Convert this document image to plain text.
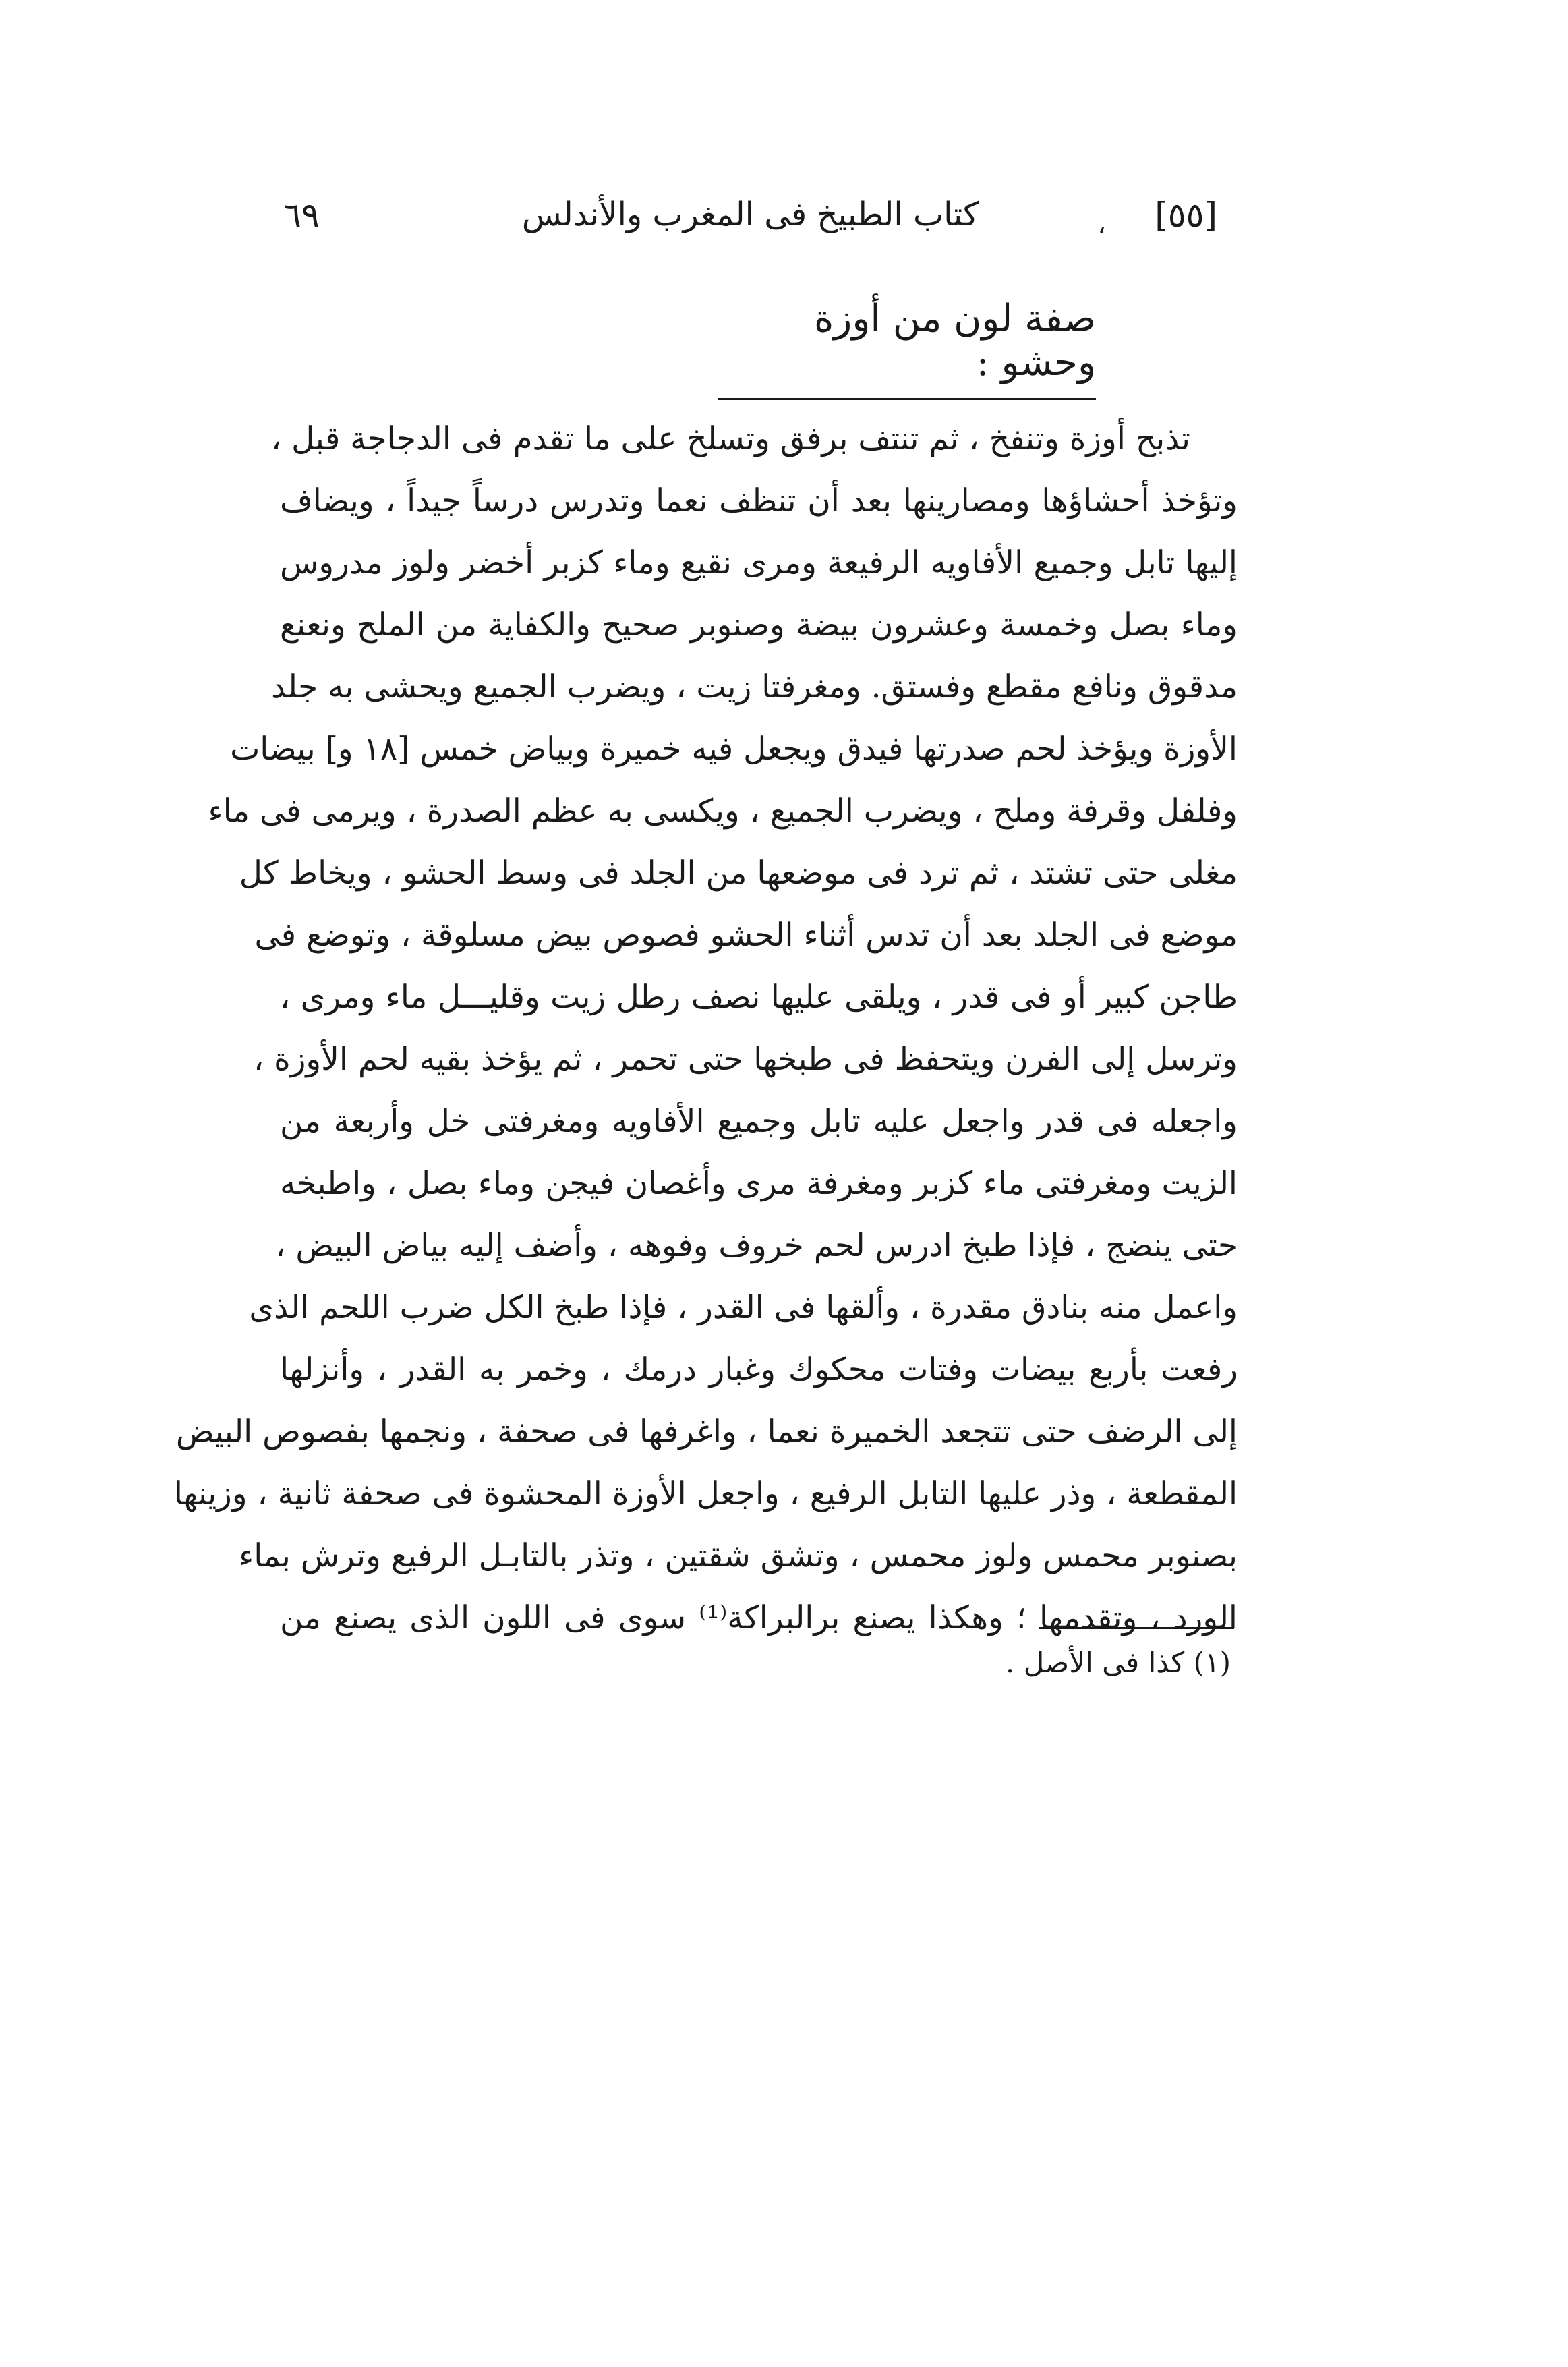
[٥٥]
،
كتاب الطبيخ فى المغرب والأندلس
٦٩
صفة لون من أوزة وحشو :
تذبح أوزة وتنفخ ، ثم تنتف برفق وتسلخ على ما تقدم فى الدجاجة قبل ،
وتؤخذ أحشاؤها ومصارينها بعد أن تنظف نعما وتدرس درساً جيداً ، ويضاف
إليها تابل وجميع الأفاويه الرفيعة ومرى نقيع وماء كزبر أخضر ولوز مدروس
وماء بصل وخمسة وعشرون بيضة وصنوبر صحيح والكفاية من الملح ونعنع
مدقوق ونافع مقطع وفستق. ومغرفتا زيت ، ويضرب الجميع ويحشى به جلد
الأوزة ويؤخذ لحم صدرتها فيدق ويجعل فيه خميرة وبياض خمس [١٨ و] بيضات
وفلفل وقرفة وملح ، ويضرب الجميع ، ويكسى به عظم الصدرة ، ويرمى فى ماء
مغلى حتى تشتد ، ثم ترد فى موضعها من الجلد فى وسط الحشو ، ويخاط كل
موضع فى الجلد بعد أن تدس أثناء الحشو فصوص بيض مسلوقة ، وتوضع فى
طاجن كبير أو فى قدر ، ويلقى عليها نصف رطل زيت وقليـــل ماء ومرى ،
وترسل إلى الفرن ويتحفظ فى طبخها حتى تحمر ، ثم يؤخذ بقيه لحم الأوزة ،
واجعله فى قدر واجعل عليه تابل وجميع الأفاويه ومغرفتى خل وأربعة من
الزيت ومغرفتى ماء كزبر ومغرفة مرى وأغصان فيجن وماء بصل ، واطبخه
حتى ينضج ، فإذا طبخ ادرس لحم خروف وفوهه ، وأضف إليه بياض البيض ،
واعمل منه بنادق مقدرة ، وألقها فى القدر ، فإذا طبخ الكل ضرب اللحم الذى
رفعت بأربع بيضات وفتات محكوك وغبار درمك ، وخمر به القدر ، وأنزلها
إلى الرضف حتى تتجعد الخميرة نعما ، واغرفها فى صحفة ، ونجمها بفصوص البيض
المقطعة ، وذر عليها التابل الرفيع ، واجعل الأوزة المحشوة فى صحفة ثانية ، وزينها
بصنوبر محمس ولوز محمس ، وتشق شقتين ، وتذر بالتابـل الرفيع وترش بماء
الورد ، وتقدمها ؛ وهكذا يصنع برالبراكة⁽¹⁾ سوى فى اللون الذى يصنع من
(١) كذا فى الأصل .
